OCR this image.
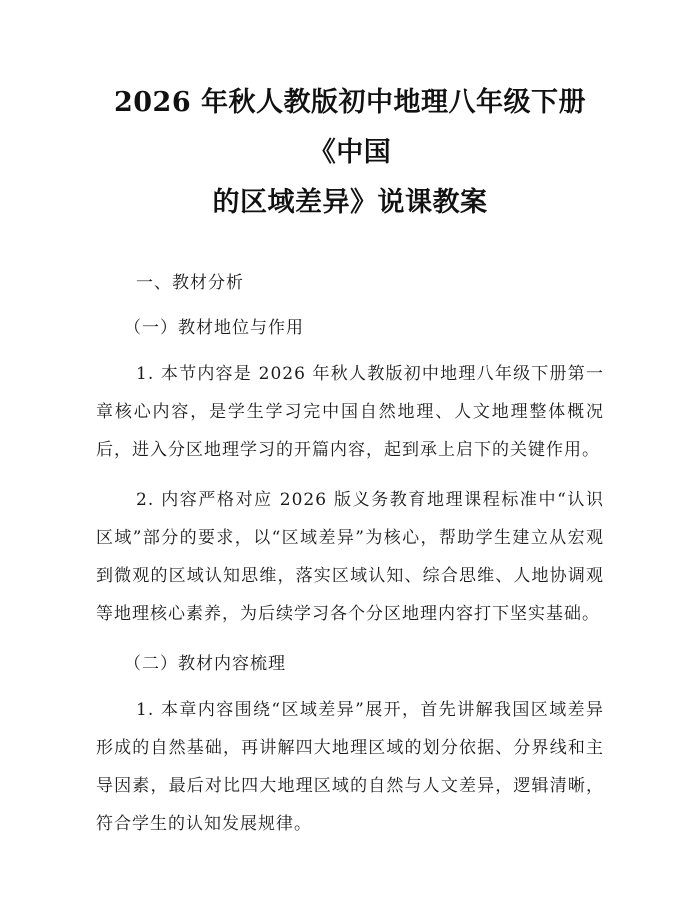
2026 年秋人教版初中地理八年级下册《中国
的区域差异》说课教案

一、教材分析

（一）教材地位与作用

1. 本节内容是 2026 年秋人教版初中地理八年级下册第一章核心内容，是学生学习完中国自然地理、人文地理整体概况后，进入分区地理学习的开篇内容，起到承上启下的关键作用。

2. 内容严格对应 2026 版义务教育地理课程标准中“认识区域”部分的要求，以“区域差异”为核心，帮助学生建立从宏观到微观的区域认知思维，落实区域认知、综合思维、人地协调观等地理核心素养，为后续学习各个分区地理内容打下坚实基础。

（二）教材内容梳理

1. 本章内容围绕“区域差异”展开，首先讲解我国区域差异形成的自然基础，再讲解四大地理区域的划分依据、分界线和主导因素，最后对比四大地理区域的自然与人文差异，逻辑清晰，符合学生的认知发展规律。
